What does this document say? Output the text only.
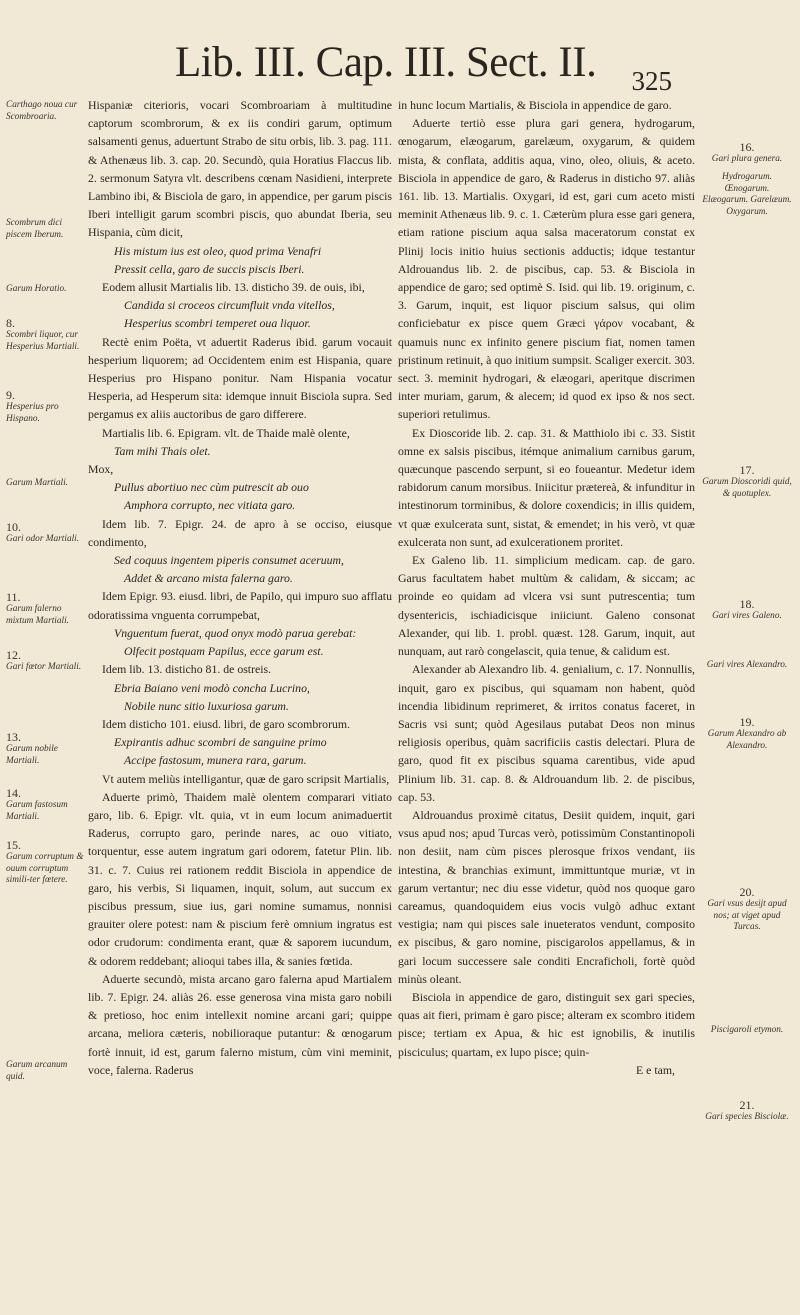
Lib. III. Cap. III. Sect. II.	325

Hispaniæ citerioris, vocari Scombroariam à multitudine captorum scombrorum, & ex iis condiri garum, optimum salsamenti genus, aduertunt Strabo de situ orbis, lib. 3. pag. 111. & Athenæus lib. 3. cap. 20. Secundò, quia Horatius Flaccus lib. 2. sermonum Satyra vlt. describens cœnam Nasidieni, interprete Lambino ibi, & Bisciola de garo, in appendice, per garum piscis Iberi intelligit garum scombri piscis, quo abundat Iberia, seu Hispania, cùm dicit,

His mistum ius est oleo, quod prima Venafri

Pressit cella, garo de succis piscis Iberi.

Eodem allusit Martialis lib. 13. disticho 39. de ouis, ibi,

Candida si croceos circumfluit vnda vitellos,

Hesperius scombri temperet oua liquor.

Rectè enim Poëta, vt aduertit Raderus ibid. garum vocauit hesperium liquorem; ad Occidentem enim est Hispania, quare Hesperius pro Hispano ponitur. Nam Hispania vocatur Hesperia, ad Hesperum sita: idemque innuit Bisciola supra. Sed pergamus ex aliis auctoribus de garo differere.

Martialis lib. 6. Epigram. vlt. de Thaide malè olente,

Tam mihi Thais olet.

Mox,

Pullus abortiuo nec cùm putrescit ab ouo

Amphora corrupto, nec vitiata garo.

Idem lib. 7. Epigr. 24. de apro à se occiso, eiusque condimento,

Sed coquus ingentem piperis consumet aceruum,

Addet & arcano mista falerna garo.

Idem Epigr. 93. eiusd. libri, de Papilo, qui impuro suo afflatu odoratissima vnguenta corrumpebat,

Vnguentum fuerat, quod onyx modò parua gerebat:

Olfecit postquam Papilus, ecce garum est.

Idem lib. 13. disticho 81. de ostreis.

Ebria Baiano veni modò concha Lucrino,

Nobile nunc sitio luxuriosa garum.

Idem disticho 101. eiusd. libri, de garo scombrorum.

Expirantis adhuc scombri de sanguine primo

Accipe fastosum, munera rara, garum.

Vt autem meliùs intelligantur, quæ de garo scripsit Martialis,

Aduerte primò, Thaidem malè olentem comparari vitiato garo, lib. 6. Epigr. vlt. quia, vt in eum locum animaduertit Raderus, corrupto garo, perinde nares, ac ouo vitiato, torquentur, esse autem ingratum gari odorem, fatetur Plin. lib. 31. c. 7. Cuius rei rationem reddit Bisciola in appendice de garo, his verbis, Si liquamen, inquit, solum, aut succum ex piscibus pressum, siue ius, gari nomine sumamus, nonnisi grauiter olere potest: nam & piscium ferè omnium ingratus est odor crudorum: condimenta erant, quæ & saporem iucundum, & odorem reddebant; alioqui tabes illa, & sanies fœtida.

Aduerte secundò, mista arcano garo falerna apud Martialem lib. 7. Epigr. 24. aliàs 26. esse generosa vina mista garo nobili & pretioso, hoc enim intellexit nomine arcani gari; quippe arcana, meliora cæteris, nobilioraque putantur: & œnogarum fortè innuit, id est, garum falerno mistum, cùm vini meminit, voce, falerna. Raderus

in hunc locum Martialis, & Bisciola in appendice de garo.

Aduerte tertiò esse plura gari genera, hydrogarum, œnogarum, elæogarum, garelæum, oxygarum, & quidem mista, & conflata, additis aqua, vino, oleo, oliuis, & aceto. Bisciola in appendice de garo, & Raderus in disticho 97. aliàs 161. lib. 13. Martialis. Oxygari, id est, gari cum aceto misti meminit Athenæus lib. 9. c. 1. Cæterùm plura esse gari genera, etiam ratione piscium aqua salsa maceratorum constat ex Plinij locis initio huius sectionis adductis; idque testantur Aldrouandus lib. 2. de piscibus, cap. 53. & Bisciola in appendice de garo; sed optimè S. Isid. qui lib. 19. originum, c. 3. Garum, inquit, est liquor piscium salsus, qui olim conficiebatur ex pisce quem Græci γάρον vocabant, & quamuis nunc ex infinito genere piscium fiat, nomen tamen pristinum retinuit, à quo initium sumpsit. Scaliger exercit. 303. sect. 3. meminit hydrogari, & elæogari, aperitque discrimen inter muriam, garum, & alecem; id quod ex ipso & nos sect. superiori retulimus.

Ex Dioscoride lib. 2. cap. 31. & Matthiolo ibi c. 33. Sistit omne ex salsis piscibus, itémque animalium carnibus garum, quæcunque pascendo serpunt, si eo foueantur. Medetur idem rabidorum canum morsibus. Iniicitur prætereà, & infunditur in intestinorum torminibus, & dolore coxendicis; in illis quidem, vt quæ exulcerata sunt, sistat, & emendet; in his verò, vt quæ exulcerata non sunt, ad exulcerationem proritet.

Ex Galeno lib. 11. simplicium medicam. cap. de garo. Garus facultatem habet multùm & calidam, & siccam; ac proinde eo quidam ad vlcera vsi sunt putrescentia; tum dysentericis, ischiadicisque iniiciunt. Galeno consonat Alexander, qui lib. 1. probl. quæst. 128. Garum, inquit, aut nunquam, aut rarò congelascit, quia tenue, & calidum est.

Alexander ab Alexandro lib. 4. genialium, c. 17. Nonnullis, inquit, garo ex piscibus, qui squamam non habent, quòd incendia libidinum reprimeret, & irritos conatus faceret, in Sacris vsi sunt; quòd Agesilaus putabat Deos non minus religiosis operibus, quàm sacrificiis castis delectari. Plura de garo, quod fit ex piscibus squama carentibus, vide apud Plinium lib. 31. cap. 8. & Aldrouandum lib. 2. de piscibus, cap. 53.

Aldrouandus proximè citatus, Desiit quidem, inquit, gari vsus apud nos; apud Turcas verò, potissimùm Constantinopoli non desiit, nam cùm pisces plerosque frixos vendant, iis intestina, & branchias eximunt, immittuntque muriæ, vt in garum vertantur; nec diu esse videtur, quòd nos quoque garo careamus, quandoquidem eius vocis vulgò adhuc extant vestigia; nam qui pisces sale inueteratos vendunt, composito ex piscibus, & garo nomine, piscigarolos appellamus, & in gari locum successere sale conditi Encraficholi, fortè quòd minùs oleant.

Bisciola in appendice de garo, distinguit sex gari species, quas ait fieri, primam è garo pisce; alteram ex scombro itidem pisce; tertiam ex Apua, & hic est ignobilis, & inutilis pisciculus; quartam, ex lupo pisce; quin-

E e tam,

Carthago noua cur Scombroaria.
Scombrum dici piscem Iberum.
Garum Horatio.
8.
Scombri liquor, cur Hesperius Martiali.
9.
Hesperius pro Hispano.
Garum Martiali.
10.
Gari odor Martiali.
11.
Garum falerno mixtum Martiali.
12.
Gari fœtor Martiali.
13.
Garum nobile Martiali.
14.
Garum fastosum Martiali.
15.
Garum corruptum & ouum corruptum simili-ter fœtere.
Garum arcanum quid.
16.
Gari plura genera.
Hydrogarum. Œnogarum. Elæogarum. Garelæum. Oxygarum.
17.
Garum Dioscoridi quid, & quotuplex.
18.
Gari vires Galeno.
Gari vires Alexandro.
19.
Garum Alexandro ab Alexandro.
20.
Gari vsus desijt apud nos; at viget apud Turcas.
Piscigaroli etymon.
21.
Gari species Bisciolæ.
